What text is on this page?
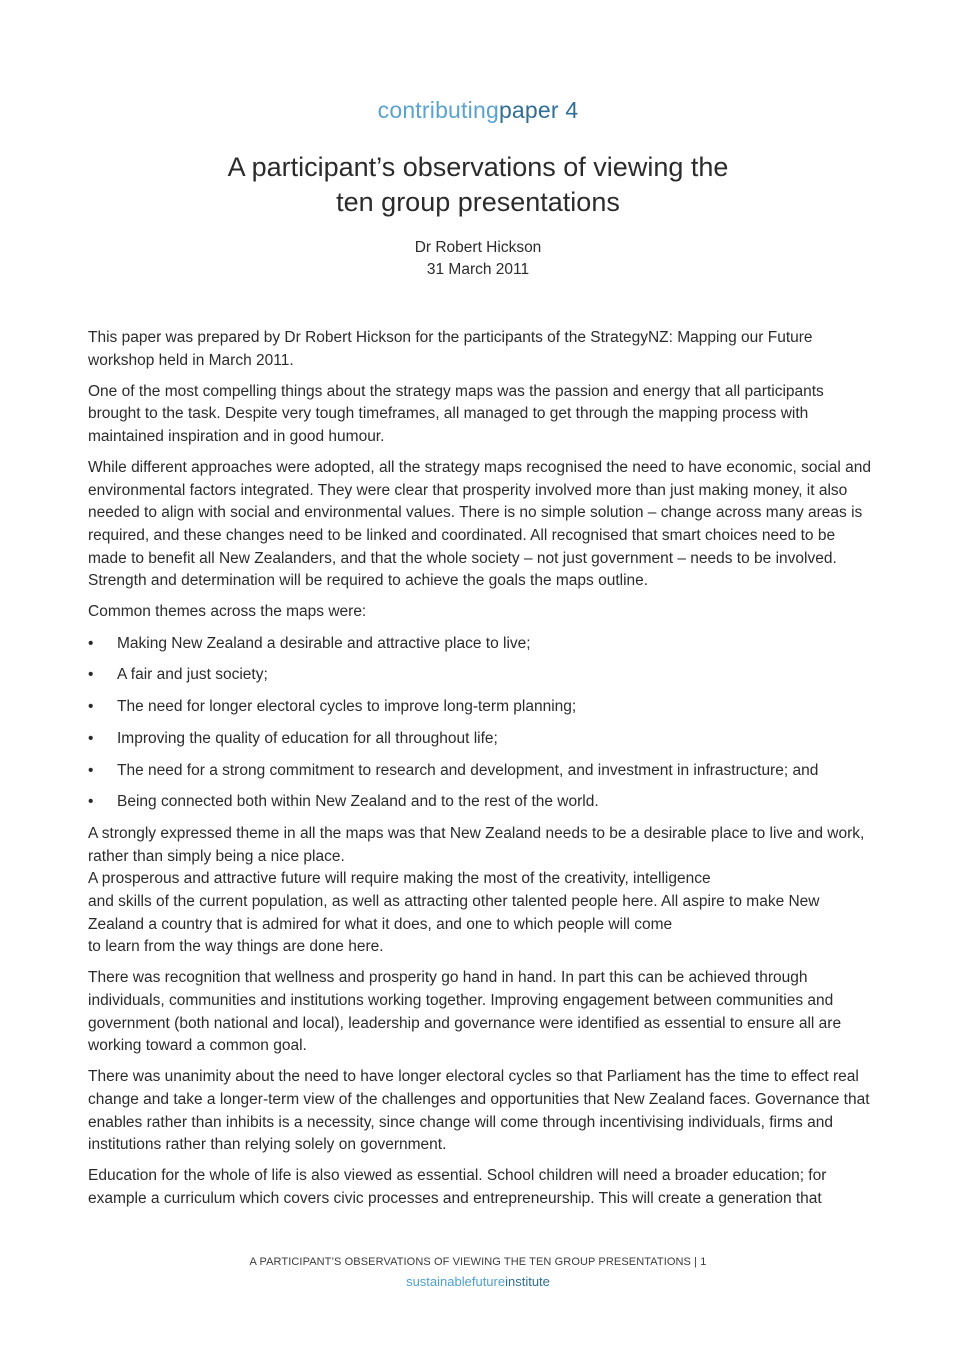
contributingpaper 4
A participant’s observations of viewing the
ten group presentations
Dr Robert Hickson
31 March 2011

This paper was prepared by Dr Robert Hickson for the participants of the StrategyNZ: Mapping our Future workshop held in March 2011.

One of the most compelling things about the strategy maps was the passion and energy that all participants brought to the task. Despite very tough timeframes, all managed to get through the mapping process with maintained inspiration and in good humour.

While different approaches were adopted, all the strategy maps recognised the need to have economic, social and environmental factors integrated. They were clear that prosperity involved more than just making money, it also needed to align with social and environmental values. There is no simple solution – change across many areas is required, and these changes need to be linked and coordinated. All recognised that smart choices need to be made to benefit all New Zealanders, and that the whole society – not just government – needs to be involved. Strength and determination will be required to achieve the goals the maps outline.

Common themes across the maps were:

• Making New Zealand a desirable and attractive place to live;
• A fair and just society;
• The need for longer electoral cycles to improve long-term planning;
• Improving the quality of education for all throughout life;
• The need for a strong commitment to research and development, and investment in infrastructure; and
• Being connected both within New Zealand and to the rest of the world.

A strongly expressed theme in all the maps was that New Zealand needs to be a desirable place to live and work, rather than simply being a nice place.
A prosperous and attractive future will require making the most of the creativity, intelligence
and skills of the current population, as well as attracting other talented people here. All aspire to make New Zealand a country that is admired for what it does, and one to which people will come
to learn from the way things are done here.

There was recognition that wellness and prosperity go hand in hand. In part this can be achieved through individuals, communities and institutions working together. Improving engagement between communities and government (both national and local), leadership and governance were identified as essential to ensure all are working toward a common goal.

There was unanimity about the need to have longer electoral cycles so that Parliament has the time to effect real change and take a longer-term view of the challenges and opportunities that New Zealand faces. Governance that enables rather than inhibits is a necessity, since change will come through incentivising individuals, firms and institutions rather than relying solely on government.

Education for the whole of life is also viewed as essential. School children will need a broader education; for example a curriculum which covers civic processes and entrepreneurship. This will create a generation that

A PARTICIPANT’S OBSERVATIONS OF VIEWING THE TEN GROUP PRESENTATIONS | 1
sustainablefutureinstitute
